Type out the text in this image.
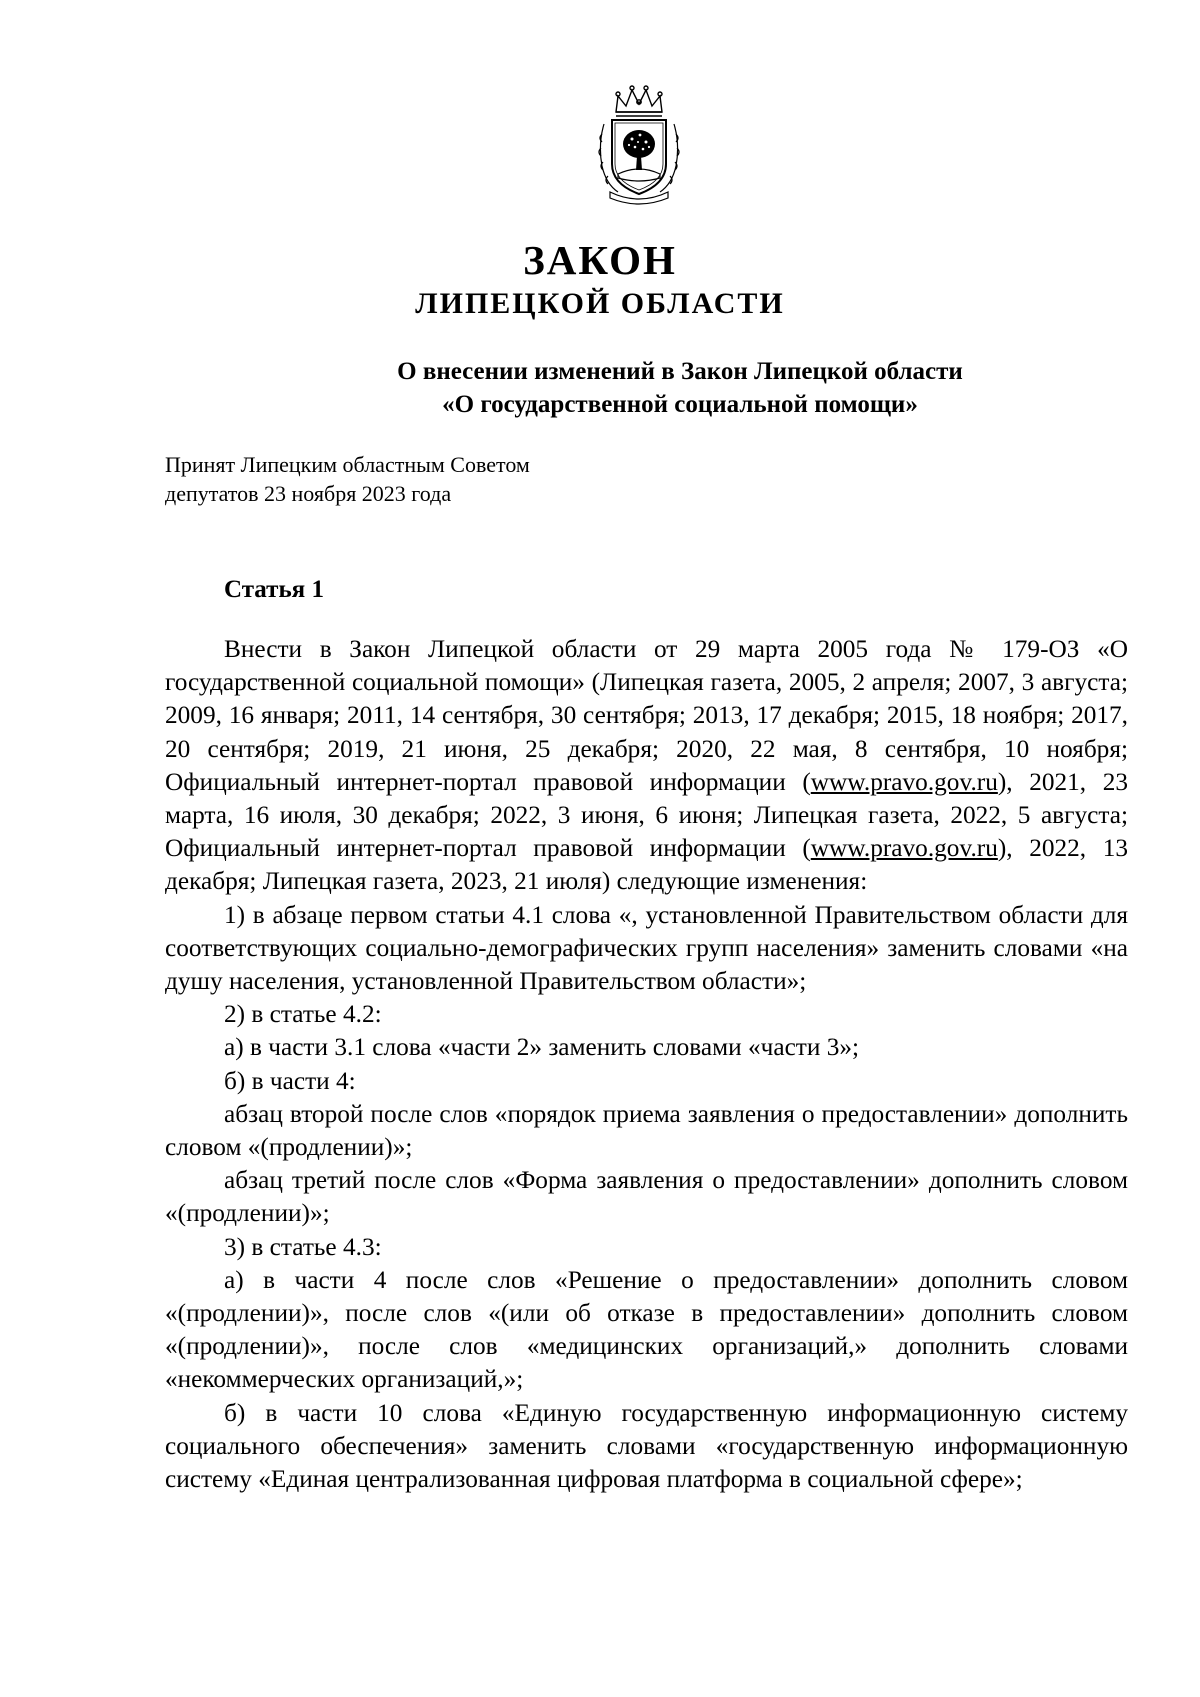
ЗАКОН
ЛИПЕЦКОЙ ОБЛАСТИ
О внесении изменений в Закон Липецкой области
«О государственной социальной помощи»
Принят Липецким областным Советом
депутатов 23 ноября 2023 года
Статья 1

Внести в Закон Липецкой области от 29 марта 2005 года № 179-ОЗ «О государственной социальной помощи» (Липецкая газета, 2005, 2 апреля; 2007, 3 августа; 2009, 16 января; 2011, 14 сентября, 30 сентября; 2013, 17 декабря; 2015, 18 ноября; 2017, 20 сентября; 2019, 21 июня, 25 декабря; 2020, 22 мая, 8 сентября, 10 ноября; Официальный интернет-портал правовой информации (www.pravo.gov.ru), 2021, 23 марта, 16 июля, 30 декабря; 2022, 3 июня, 6 июня; Липецкая газета, 2022, 5 августа; Официальный интернет-портал правовой информации (www.pravo.gov.ru), 2022, 13 декабря; Липецкая газета, 2023, 21 июля) следующие изменения:

1) в абзаце первом статьи 4.1 слова «, установленной Правительством области для соответствующих социально-демографических групп населения» заменить словами «на душу населения, установленной Правительством области»;

2) в статье 4.2:

а) в части 3.1 слова «части 2» заменить словами «части 3»;

б) в части 4:

абзац второй после слов «порядок приема заявления о предоставлении» дополнить словом «(продлении)»;

абзац третий после слов «Форма заявления о предоставлении» дополнить словом «(продлении)»;

3) в статье 4.3:

а) в части 4 после слов «Решение о предоставлении» дополнить словом «(продлении)», после слов «(или об отказе в предоставлении» дополнить словом «(продлении)», после слов «медицинских организаций,» дополнить словами «некоммерческих организаций,»;

б) в части 10 слова «Единую государственную информационную систему социального обеспечения» заменить словами «государственную информационную систему «Единая централизованная цифровая платформа в социальной сфере»;
